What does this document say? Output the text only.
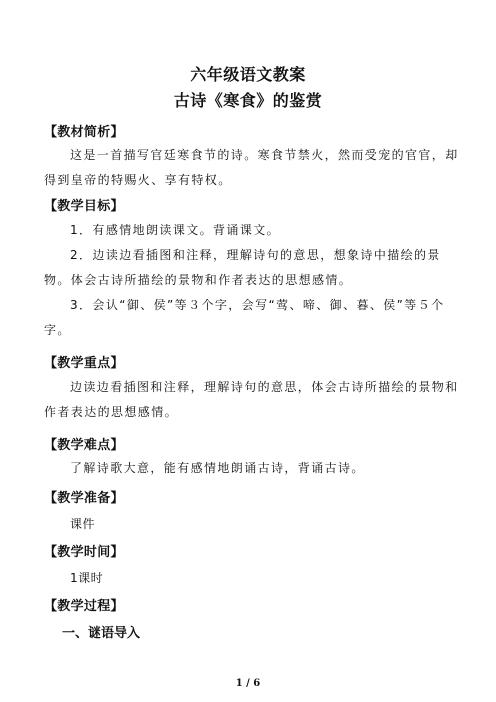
六年级语文教案
古诗《寒食》的鉴赏
【教材简析】

这是一首描写官廷寒食节的诗。寒食节禁火，然而受宠的官官，却得到皇帝的特赐火、享有特权。

【教学目标】

1．有感情地朗读课文。背诵课文。

2．边读边看插图和注释，理解诗句的意思，想象诗中描绘的景物。体会古诗所描绘的景物和作者表达的思想感情。

3．会认“御、侯”等３个字，会写“莺、啼、御、暮、侯”等５个字。

【教学重点】

边读边看插图和注释，理解诗句的意思，体会古诗所描绘的景物和作者表达的思想感情。

【教学难点】

了解诗歌大意，能有感情地朗诵古诗，背诵古诗。

【教学准备】
课件
【教学时间】
1课时
【教学过程】
一、谜语导入
1 / 6
